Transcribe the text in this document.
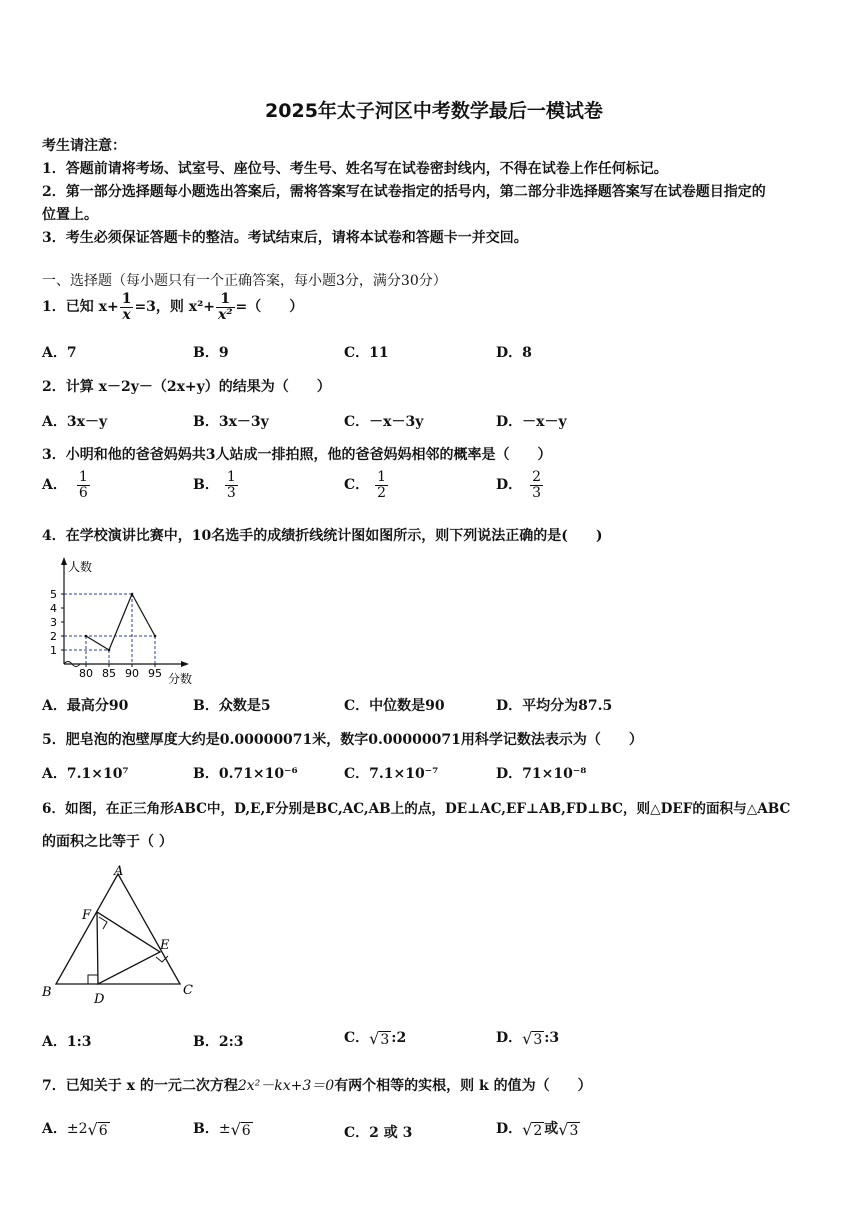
2025年太子河区中考数学最后一模试卷
考生请注意：
1．答题前请将考场、试室号、座位号、考生号、姓名写在试卷密封线内，不得在试卷上作任何标记。
2．第一部分选择题每小题选出答案后，需将答案写在试卷指定的括号内，第二部分非选择题答案写在试卷题目指定的
位置上。
3．考生必须保证答题卡的整洁。考试结束后，请将本试卷和答题卡一并交回。
一、选择题（每小题只有一个正确答案，每小题3分，满分30分）
1．已知 $x+ \frac{1}{x} =3$，则 $x^2+ \frac{1}{\text{x²}}$ =（　　）
A．7	B．9	C．11	D．8
2．计算 x－2y－（2x+y）的结果为（　　）
A．3x－y	B．3x－3y	C．－x－3y	D．－x－y
3．小明和他的爸爸妈妈共3人站成一排拍照，他的爸爸妈妈相邻的概率是（　　）
A． $\frac{1}{6}$	B． $\frac{1}{3}$	C． $\frac{1}{2}$	D． $\frac{2}{3}$
4．在学校演讲比赛中，10名选手的成绩折线统计图如图所示，则下列说法正确的是(　　)
人数
分数
1
2
3
4
5
80 85 90 95
A．最高分90	B．众数是5	C．中位数是90	D．平均分为87.5
5．肥皂泡的泡壁厚度大约是0.00000071米，数字0.00000071用科学记数法表示为（　　）
A．7.1×10⁷	B．0.71×10⁻⁶	C．7.1×10⁻⁷	D．71×10⁻⁸
6．如图，在正三角形ABC中，D,E,F分别是BC,AC,AB上的点，DE⊥AC,EF⊥AB,FD⊥BC，则△DEF的面积与△ABC
的面积之比等于（ ）
A
B	C
D
E
F
A．1:3	B．2:3	C．√3 :2	D．√3 :3
7．已知关于 x 的一元二次方程2x²－kx+3＝0有两个相等的实根，则 k 的值为（　　）
A．±2√6	B．±√6	C．2 或 3	D．√2 或√3
